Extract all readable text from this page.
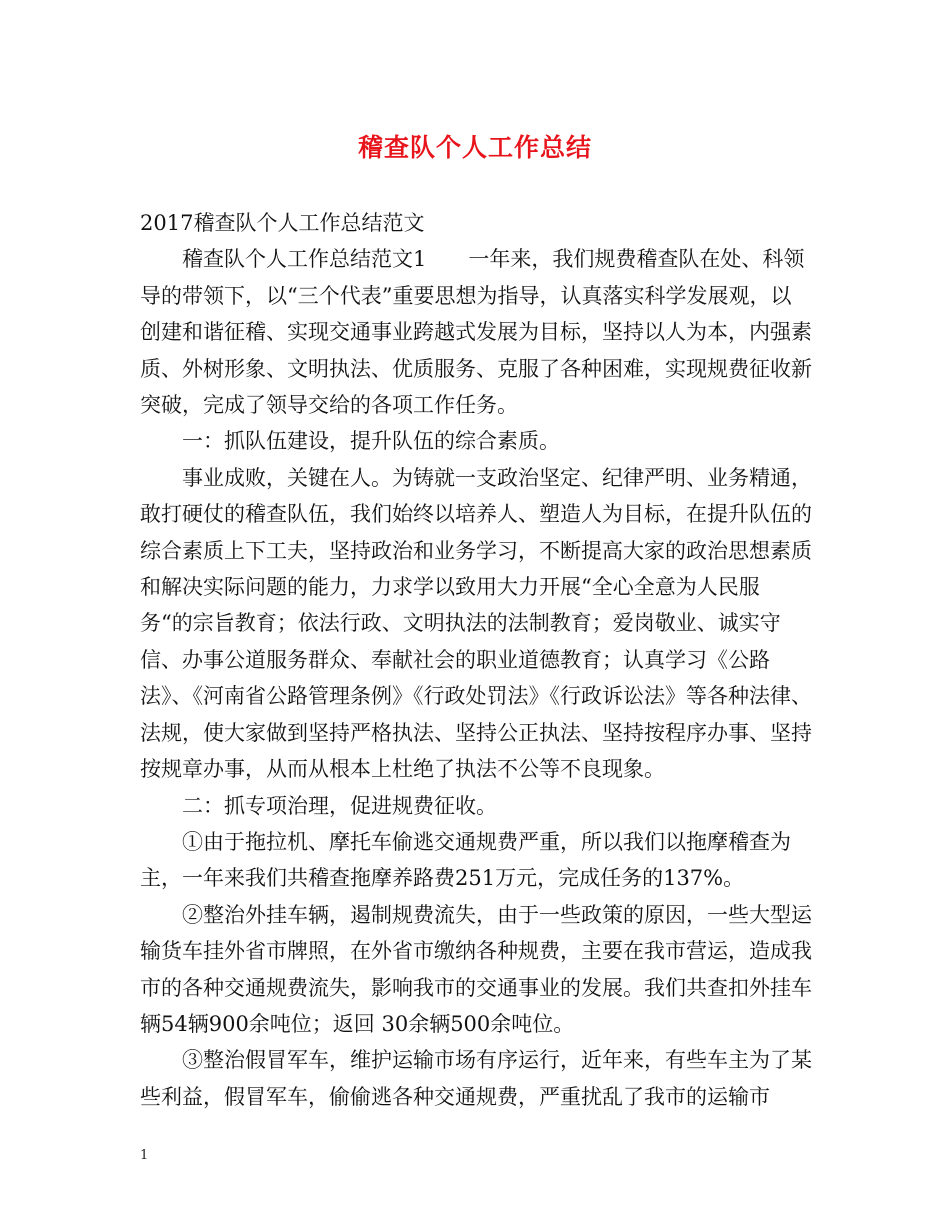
稽查队个人工作总结

2017稽查队个人工作总结范文

稽查队个人工作总结范文1　　一年来，我们规费稽查队在处、科领导的带领下，以“三个代表”重要思想为指导，认真落实科学发展观，以创建和谐征稽、实现交通事业跨越式发展为目标，坚持以人为本，内强素质、外树形象、文明执法、优质服务、克服了各种困难，实现规费征收新突破，完成了领导交给的各项工作任务。

一：抓队伍建设，提升队伍的综合素质。

事业成败，关键在人。为铸就一支政治坚定、纪律严明、业务精通，敢打硬仗的稽查队伍，我们始终以培养人、塑造人为目标，在提升队伍的综合素质上下工夫，坚持政治和业务学习，不断提高大家的政治思想素质和解决实际问题的能力，力求学以致用大力开展“全心全意为人民服务“的宗旨教育；依法行政、文明执法的法制教育；爱岗敬业、诚实守信、办事公道服务群众、奉献社会的职业道德教育；认真学习《公路法》、《河南省公路管理条例》《行政处罚法》《行政诉讼法》等各种法律、法规，使大家做到坚持严格执法、坚持公正执法、坚持按程序办事、坚持按规章办事，从而从根本上杜绝了执法不公等不良现象。

二：抓专项治理，促进规费征收。

①由于拖拉机、摩托车偷逃交通规费严重，所以我们以拖摩稽查为主，一年来我们共稽查拖摩养路费251万元，完成任务的137%。

②整治外挂车辆，遏制规费流失，由于一些政策的原因，一些大型运输货车挂外省市牌照，在外省市缴纳各种规费，主要在我市营运，造成我市的各种交通规费流失，影响我市的交通事业的发展。我们共查扣外挂车辆54辆900余吨位；返回 30余辆500余吨位。

③整治假冒军车，维护运输市场有序运行，近年来，有些车主为了某些利益，假冒军车，偷偷逃各种交通规费，严重扰乱了我市的运输市

1
